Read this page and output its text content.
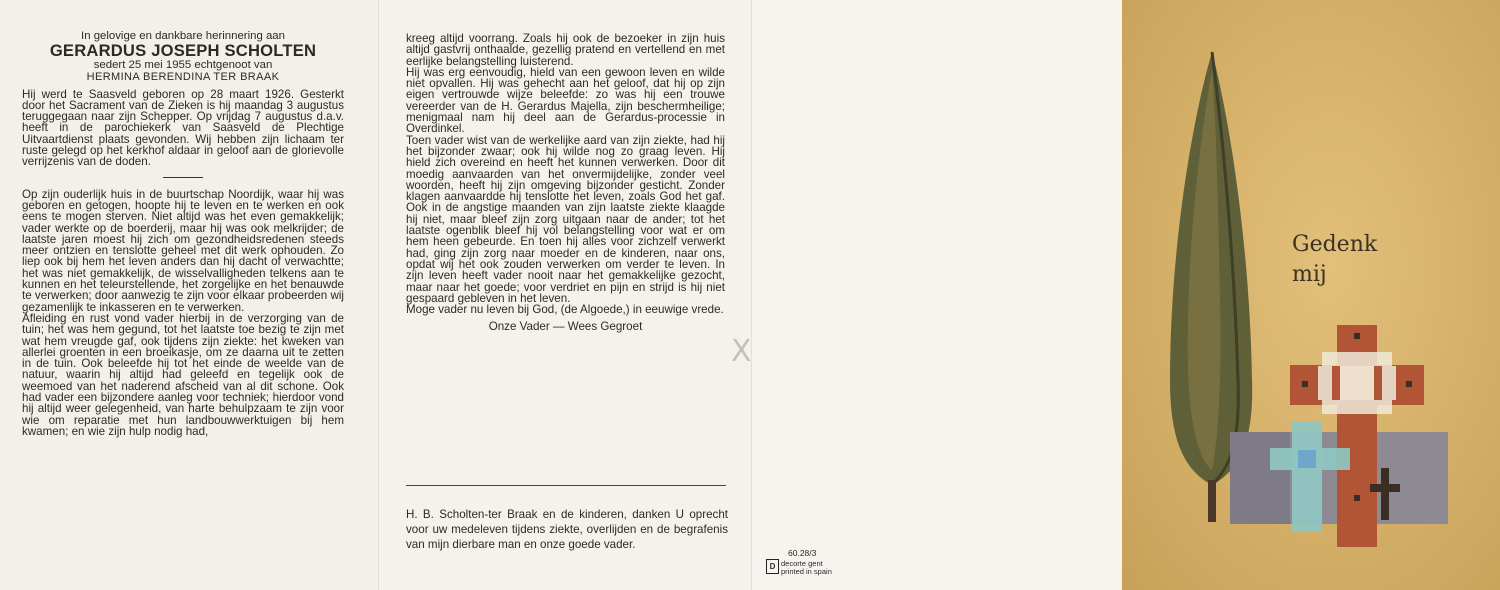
In gelovige en dankbare herinnering aan
GERARDUS JOSEPH SCHOLTEN
sedert 25 mei 1955 echtgenoot van
HERMINA BERENDINA TER BRAAK

Hij werd te Saasveld geboren op 28 maart 1926. Gesterkt door het Sacrament van de Zieken is hij maandag 3 augustus teruggegaan naar zijn Schepper. Op vrijdag 7 augustus d.a.v. heeft in de parochiekerk van Saasveld de Plechtige Uitvaartdienst plaats gevonden. Wij hebben zijn lichaam ter ruste gelegd op het kerkhof aldaar in geloof aan de glorievolle verrijzenis van de doden.

Op zijn ouderlijk huis in de buurtschap Noordijk, waar hij was geboren en getogen, hoopte hij te leven en te werken en ook eens te mogen sterven. Niet altijd was het even gemakkelijk; vader werkte op de boerderij, maar hij was ook melkrijder; de laatste jaren moest hij zich om gezondheidsredenen steeds meer ontzien en tenslotte geheel met dit werk ophouden. Zo liep ook bij hem het leven anders dan hij dacht of verwachtte; het was niet gemakkelijk, de wisselvalligheden telkens aan te kunnen en het teleurstellende, het zorgelijke en het benauwde te verwerken; door aanwezig te zijn voor elkaar probeerden wij gezamenlijk te inkasseren en te verwerken.

Afleiding en rust vond vader hierbij in de verzorging van de tuin; het was hem gegund, tot het laatste toe bezig te zijn met wat hem vreugde gaf, ook tijdens zijn ziekte: het kweken van allerlei groenten in een broeikasje, om ze daarna uit te zetten in de tuin. Ook beleefde hij tot het einde de weelde van de natuur, waarin hij altijd had geleefd en tegelijk ook de weemoed van het naderend afscheid van al dit schone. Ook had vader een bijzondere aanleg voor techniek; hierdoor vond hij altijd weer gelegenheid, van harte behulpzaam te zijn voor wie om reparatie met hun landbouwwerktuigen bij hem kwamen; en wie zijn hulp nodig had,

kreeg altijd voorrang. Zoals hij ook de bezoeker in zijn huis altijd gastvrij onthaalde, gezellig pratend en vertellend en met eerlijke belangstelling luisterend.

Hij was erg eenvoudig, hield van een gewoon leven en wilde niet opvallen. Hij was gehecht aan het geloof, dat hij op zijn eigen vertrouwde wijze beleefde: zo was hij een trouwe vereerder van de H. Gerardus Majella, zijn beschermheilige; menigmaal nam hij deel aan de Gerardus-processie in Overdinkel.

Toen vader wist van de werkelijke aard van zijn ziekte, had hij het bijzonder zwaar; ook hij wilde nog zo graag leven. Hij hield zich overeind en heeft het kunnen verwerken. Door dit moedig aanvaarden van het onvermijdelijke, zonder veel woorden, heeft hij zijn omgeving bijzonder gesticht. Zonder klagen aanvaardde hij tenslotte het leven, zoals God het gaf. Ook in de angstige maanden van zijn laatste ziekte klaagde hij niet, maar bleef zijn zorg uitgaan naar de ander; tot het laatste ogenblik bleef hij vol belangstelling voor wat er om hem heen gebeurde. En toen hij alles voor zichzelf verwerkt had, ging zijn zorg naar moeder en de kinderen, naar ons, opdat wij het ook zouden verwerken om verder te leven. In zijn leven heeft vader nooit naar het gemakkelijke gezocht, maar naar het goede; voor verdriet en pijn en strijd is hij niet gespaard gebleven in het leven.

Moge vader nu leven bij God, (de Algoede,) in eeuwige vrede.

Onze Vader — Wees Gegroet
X
H. B. Scholten-ter Braak en de kinderen, danken U oprecht voor uw medeleven tijdens ziekte, overlijden en de begrafenis van mijn dierbare man en onze goede vader.
60.28/3
D decorte gent
printed in spain
Gedenk
mij
